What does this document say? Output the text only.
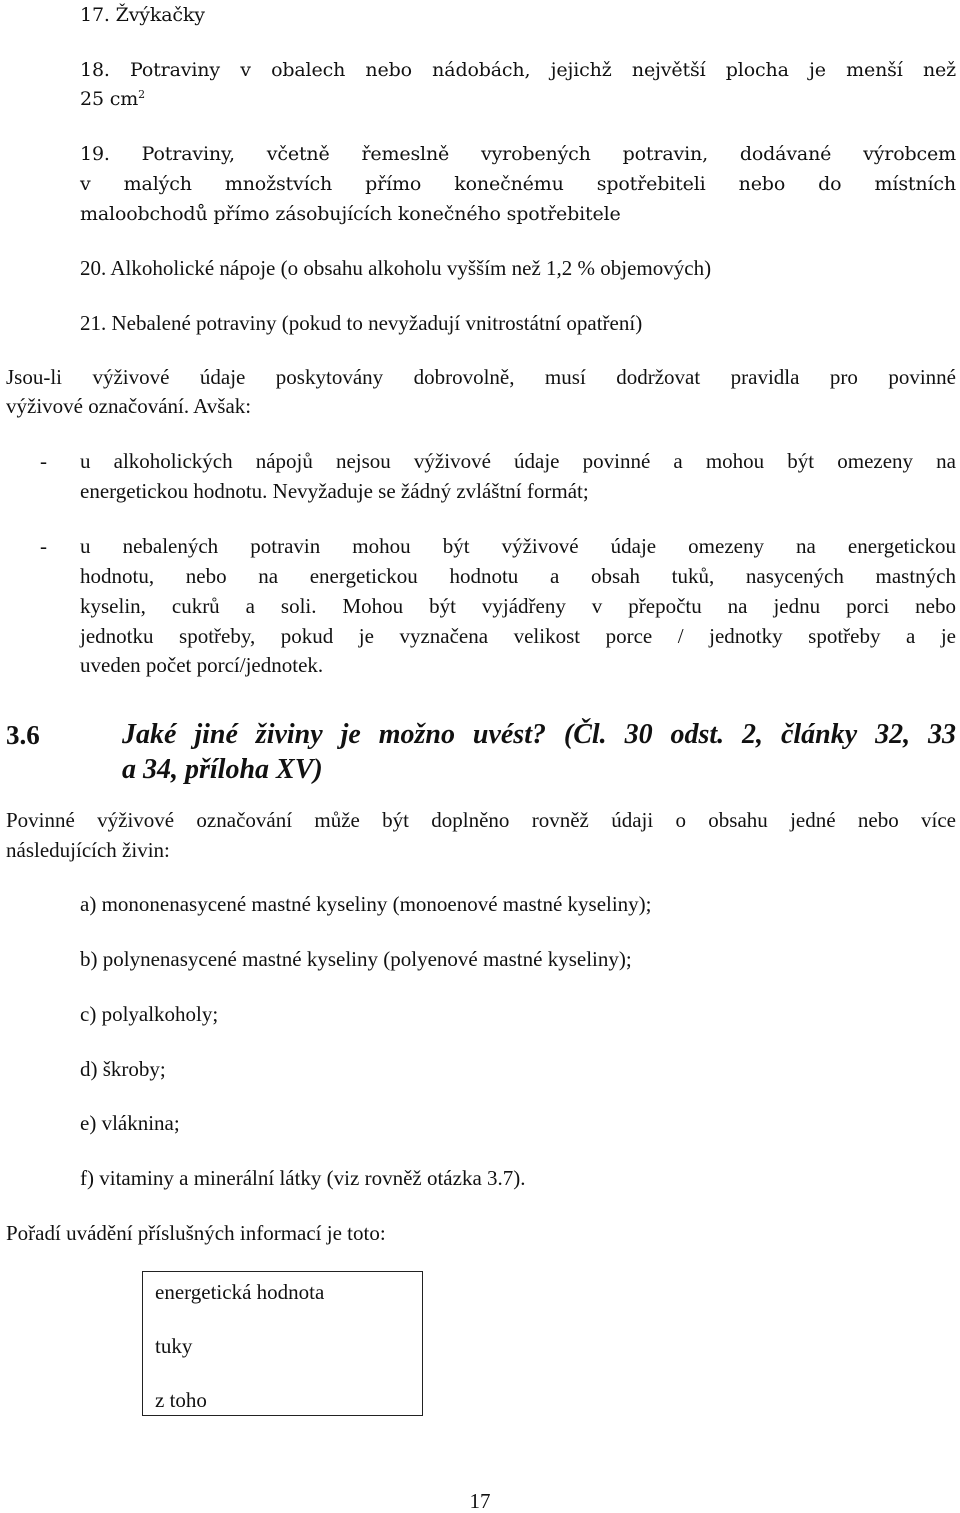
17. Žvýkačky
18. Potraviny v obalech nebo nádobách, jejichž největší plocha je menší než
25 $cm^2$
19. Potraviny, včetně řemeslně vyrobených potravin, dodávané výrobcem
v malých množstvích přímo konečnému spotřebiteli nebo do místních
maloobchodů přímo zásobujících konečného spotřebitele
20. Alkoholické nápoje (o obsahu alkoholu vyšším než 1,2 % objemových)
21. Nebalené potraviny (pokud to nevyžadují vnitrostátní opatření)
Jsou-li výživové údaje poskytovány dobrovolně, musí dodržovat pravidla pro povinné
výživové označování. Avšak:
- u alkoholických nápojů nejsou výživové údaje povinné a mohou být omezeny na
energetickou hodnotu. Nevyžaduje se žádný zvláštní formát;
- u nebalených potravin mohou být výživové údaje omezeny na energetickou
hodnotu, nebo na energetickou hodnotu a obsah tuků, nasycených mastných
kyselin, cukrů a soli. Mohou být vyjádřeny v přepočtu na jednu porci nebo
jednotku spotřeby, pokud je vyznačena velikost porce / jednotky spotřeby a je
uveden počet porcí/jednotek.
3.6	Jaké jiné živiny je možno uvést? (Čl. 30 odst. 2, články 32, 33
a 34, příloha XV)
Povinné výživové označování může být doplněno rovněž údaji o obsahu jedné nebo více
následujících živin:
a) mononenasycené mastné kyseliny (monoenové mastné kyseliny);
b) polynenasycené mastné kyseliny (polyenové mastné kyseliny);
c) polyalkoholy;
d) škroby;
e) vláknina;
f) vitaminy a minerální látky (viz rovněž otázka 3.7).
Pořadí uvádění příslušných informací je toto:
energetická hodnota
tuky
z toho
17
